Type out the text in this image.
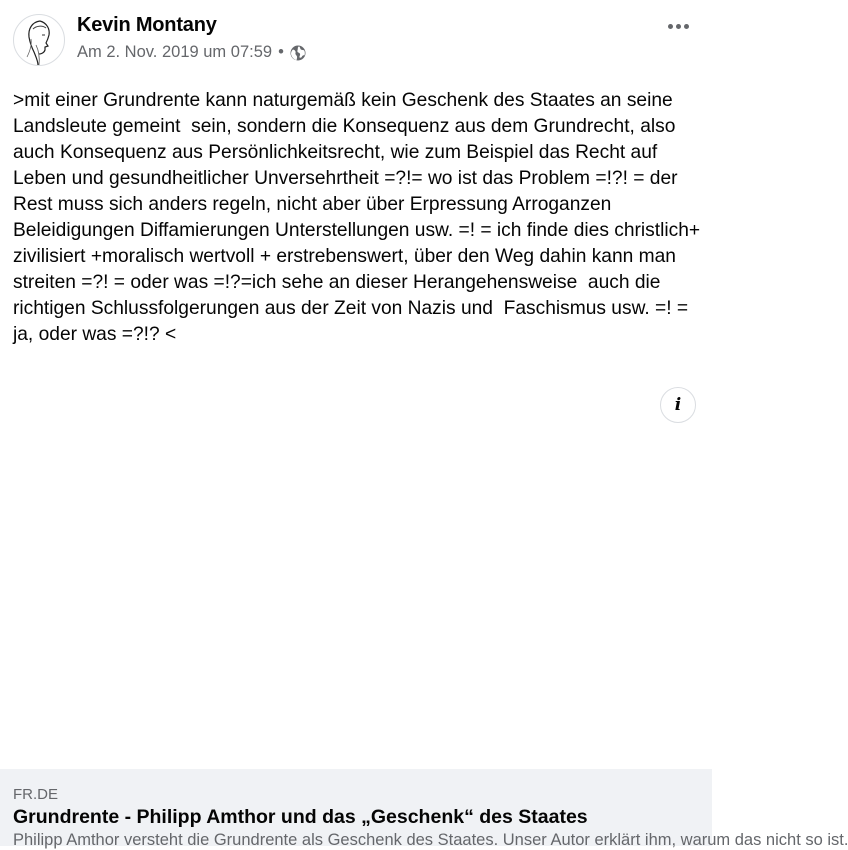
Kevin Montany
Am 2. Nov. 2019 um 07:59 •
>mit einer Grundrente kann naturgemäß kein Geschenk des Staates an seine Landsleute gemeint  sein, sondern die Konsequenz aus dem Grundrecht, also auch Konsequenz aus Persönlichkeitsrecht, wie zum Beispiel das Recht auf Leben und gesundheitlicher Unversehrtheit =?!= wo ist das Problem =!?! = der Rest muss sich anders regeln, nicht aber über Erpressung Arroganzen Beleidigungen Diffamierungen Unterstellungen usw. =! = ich finde dies christlich+ zivilisiert +moralisch wertvoll + erstrebenswert, über den Weg dahin kann man streiten =?! = oder was =!?=ich sehe an dieser Herangehensweise  auch die richtigen Schlussfolgerungen aus der Zeit von Nazis und  Faschismus usw. =! = ja, oder was =?!? <
i
FR.DE
Grundrente - Philipp Amthor und das „Geschenk“ des Staates
Philipp Amthor versteht die Grundrente als Geschenk des Staates. Unser Autor erklärt ihm, warum das nicht so ist.
